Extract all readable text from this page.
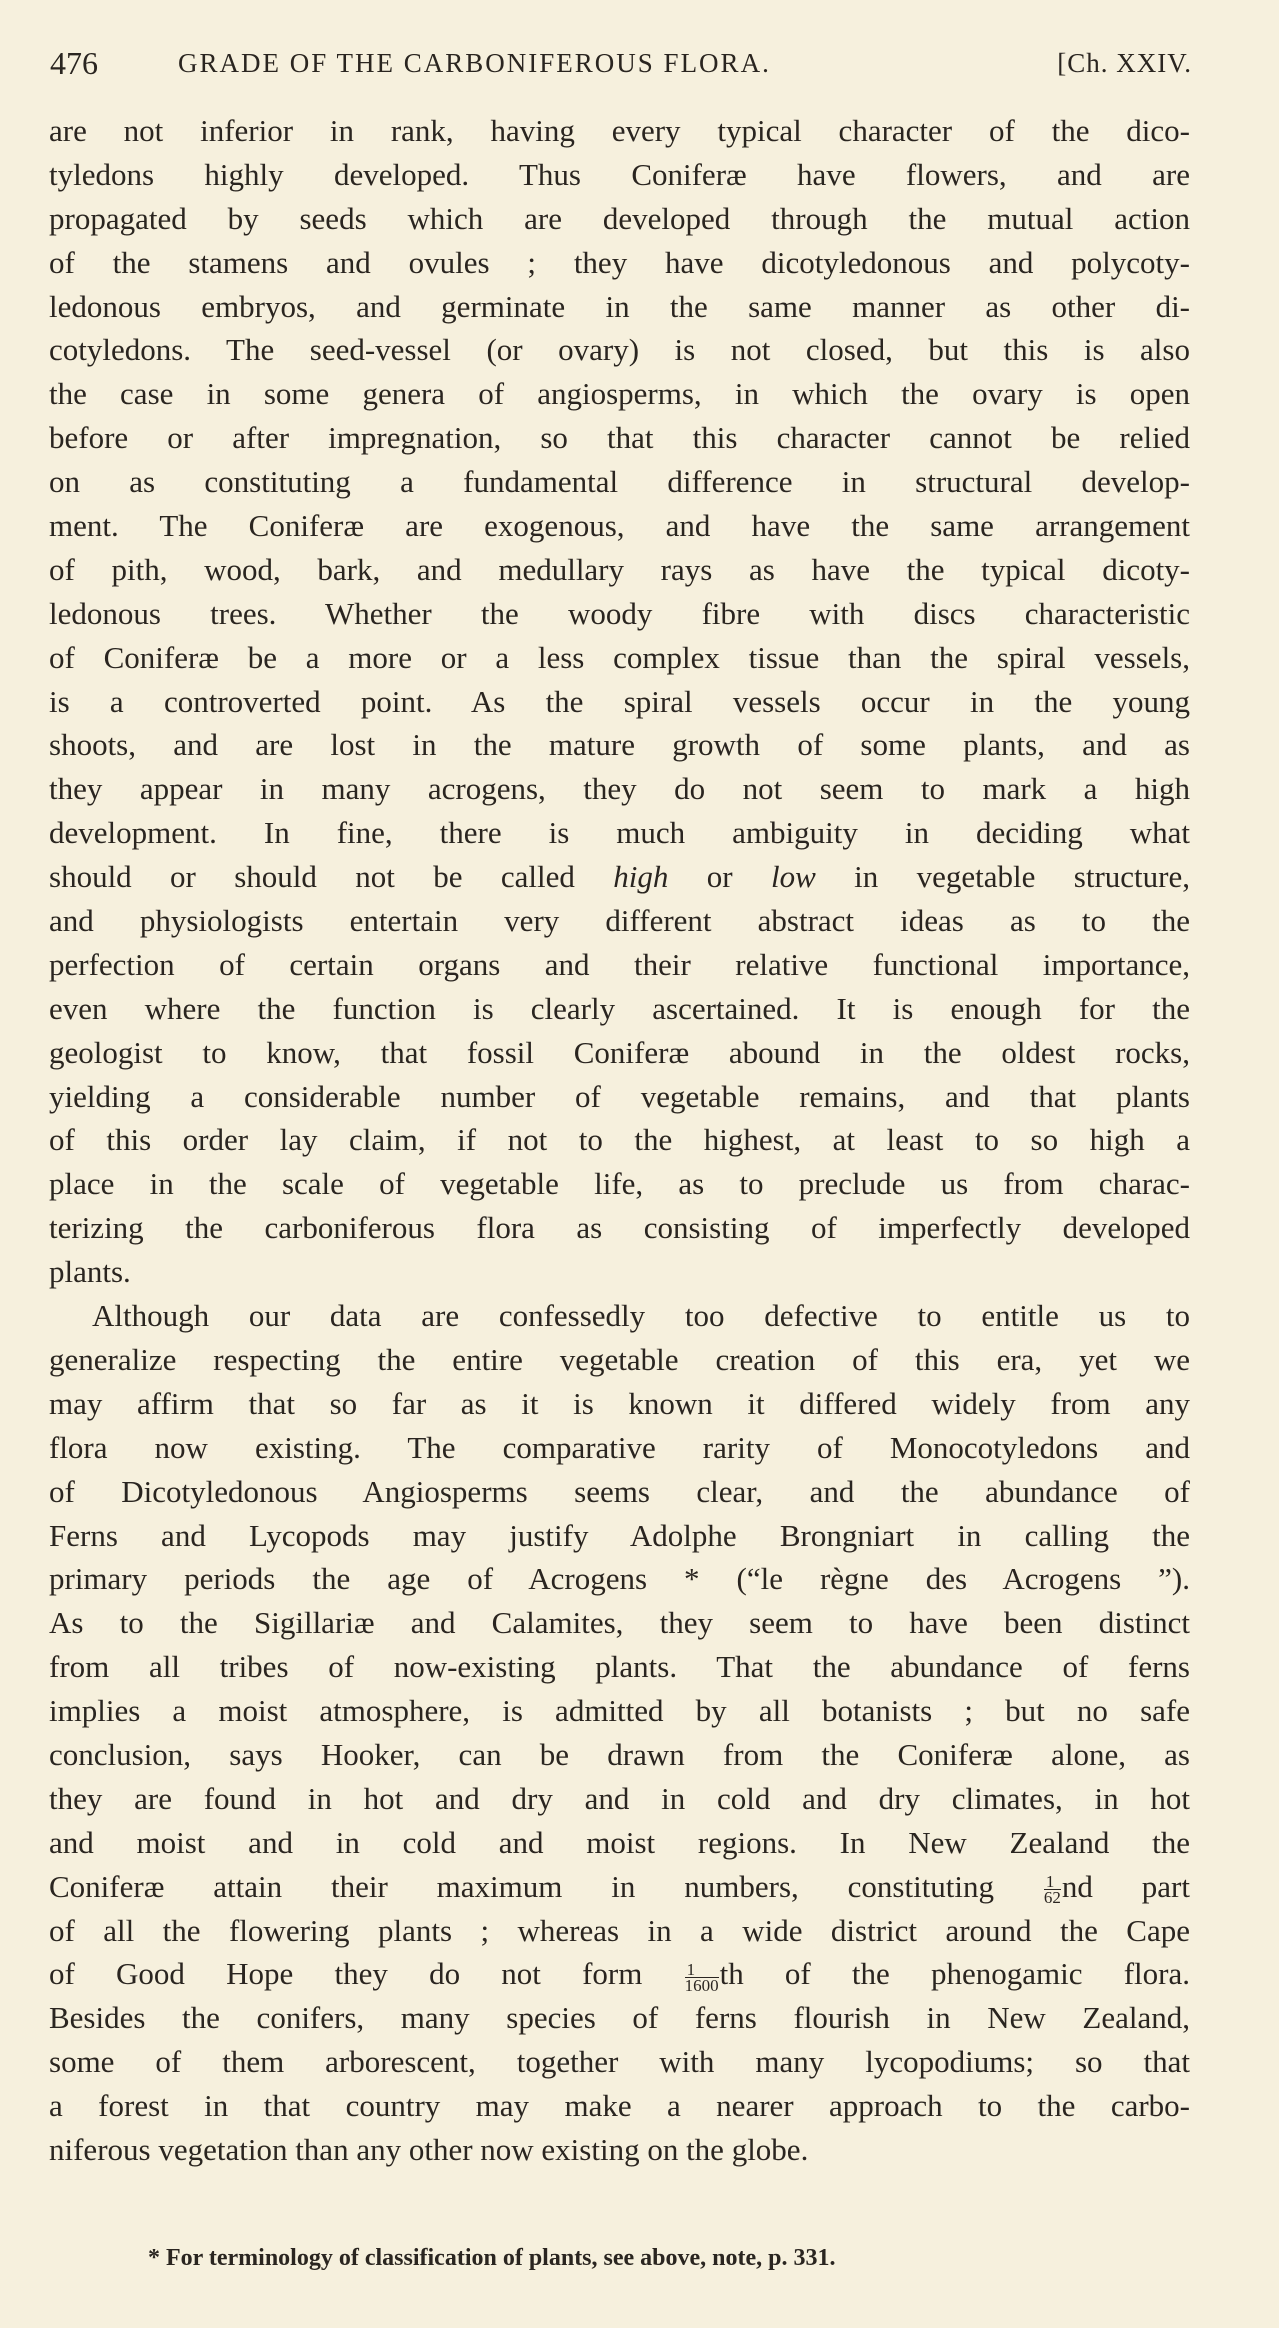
476	GRADE OF THE CARBONIFEROUS FLORA.	[Ch. XXIV.
are not inferior in rank, having every typical character of the dico-
tyledons highly developed. Thus Coniferæ have flowers, and are
propagated by seeds which are developed through the mutual action
of the stamens and ovules ; they have dicotyledonous and polycoty-
ledonous embryos, and germinate in the same manner as other di-
cotyledons. The seed-vessel (or ovary) is not closed, but this is also
the case in some genera of angiosperms, in which the ovary is open
before or after impregnation, so that this character cannot be relied
on as constituting a fundamental difference in structural develop-
ment. The Coniferæ are exogenous, and have the same arrangement
of pith, wood, bark, and medullary rays as have the typical dicoty-
ledonous trees. Whether the woody fibre with discs characteristic
of Coniferæ be a more or a less complex tissue than the spiral vessels,
is a controverted point. As the spiral vessels occur in the young
shoots, and are lost in the mature growth of some plants, and as
they appear in many acrogens, they do not seem to mark a high
development. In fine, there is much ambiguity in deciding what
should or should not be called high or low in vegetable structure,
and physiologists entertain very different abstract ideas as to the
perfection of certain organs and their relative functional importance,
even where the function is clearly ascertained. It is enough for the
geologist to know, that fossil Coniferæ abound in the oldest rocks,
yielding a considerable number of vegetable remains, and that plants
of this order lay claim, if not to the highest, at least to so high a
place in the scale of vegetable life, as to preclude us from charac-
terizing the carboniferous flora as consisting of imperfectly developed
plants.
Although our data are confessedly too defective to entitle us to
generalize respecting the entire vegetable creation of this era, yet we
may affirm that so far as it is known it differed widely from any
flora now existing. The comparative rarity of Monocotyledons and
of Dicotyledonous Angiosperms seems clear, and the abundance of
Ferns and Lycopods may justify Adolphe Brongniart in calling the
primary periods the age of Acrogens * (“le règne des Acrogens ”).
As to the Sigillariæ and Calamites, they seem to have been distinct
from all tribes of now-existing plants. That the abundance of ferns
implies a moist atmosphere, is admitted by all botanists ; but no safe
conclusion, says Hooker, can be drawn from the Coniferæ alone, as
they are found in hot and dry and in cold and dry climates, in hot
and moist and in cold and moist regions. In New Zealand the
Coniferæ attain their maximum in numbers, constituting $\frac{1}{62}$ nd part
of all the flowering plants ; whereas in a wide district around the Cape
of Good Hope they do not form $\frac{1}{1600}$ th of the phenogamic flora.
Besides the conifers, many species of ferns flourish in New Zealand,
some of them arborescent, together with many lycopodiums; so that
a forest in that country may make a nearer approach to the carbo-
niferous vegetation than any other now existing on the globe.
* For terminology of classification of plants, see above, note, p. 331.
